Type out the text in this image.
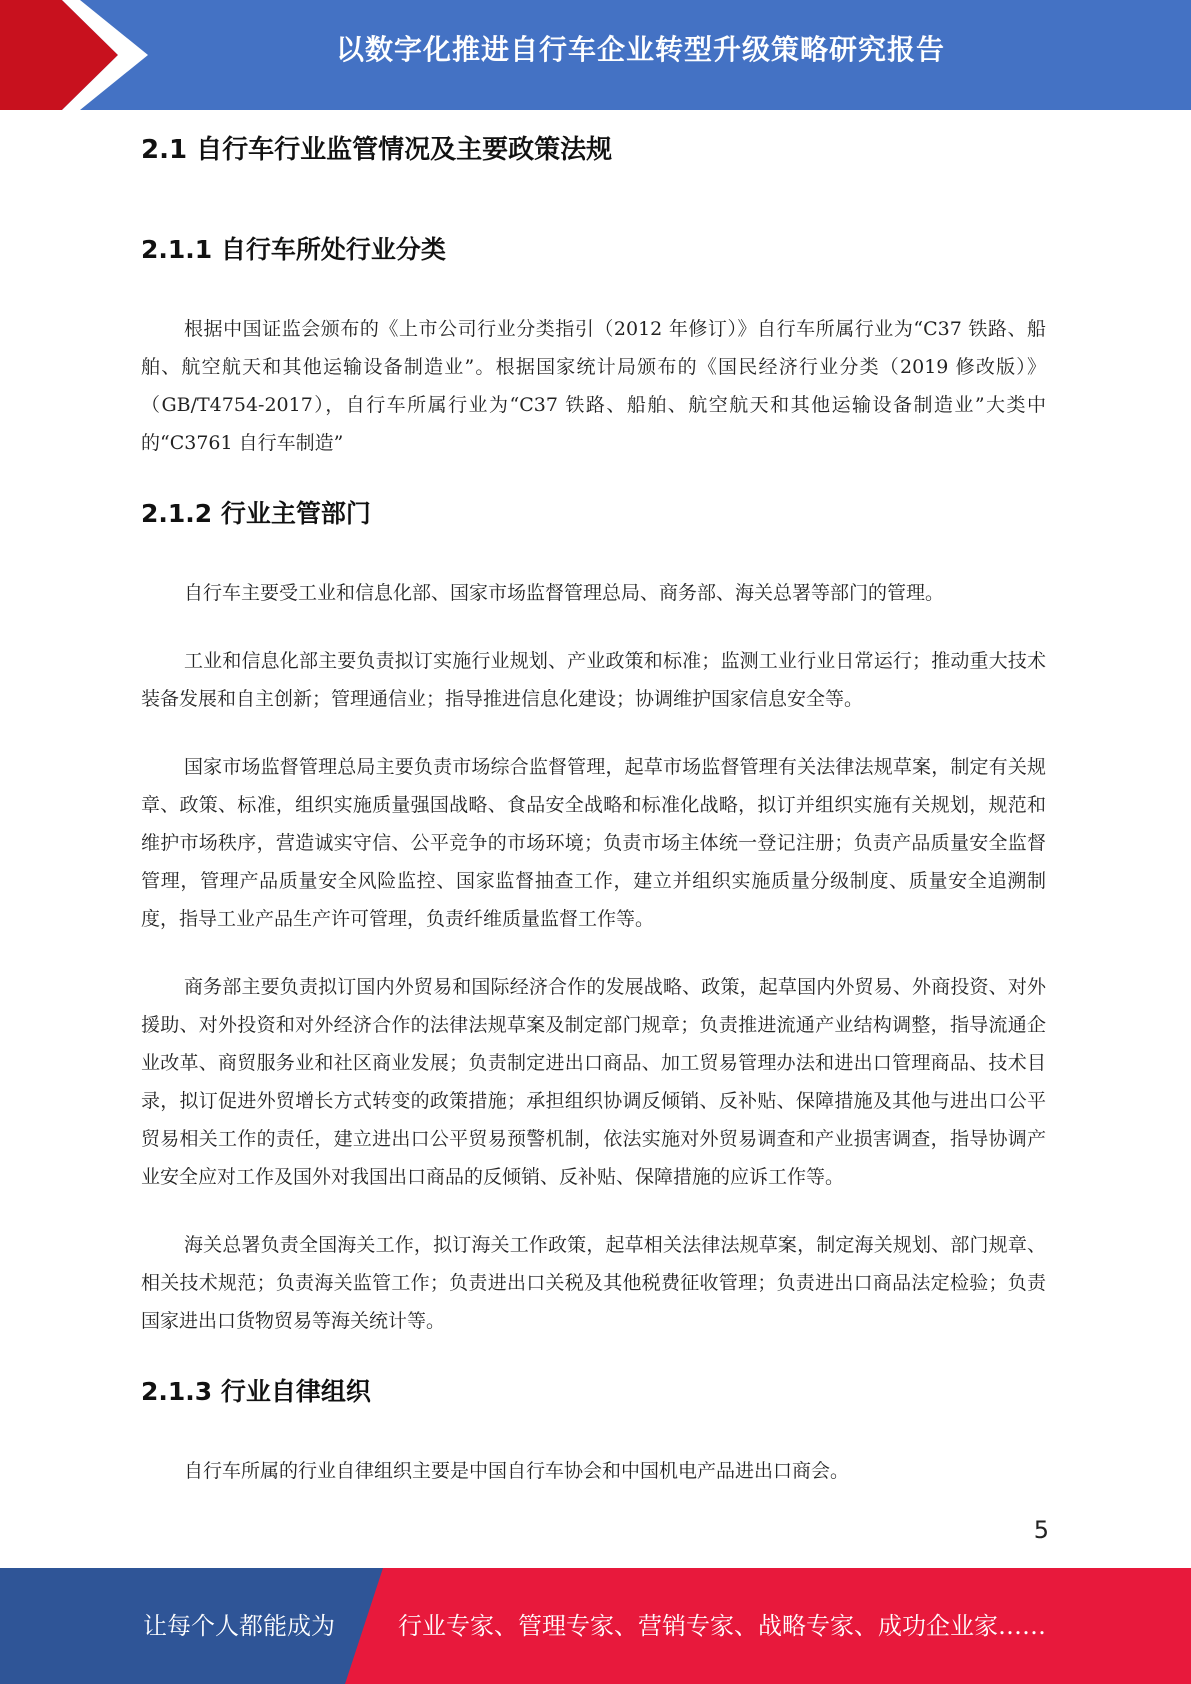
以数字化推进自行车企业转型升级策略研究报告
2.1 自行车行业监管情况及主要政策法规
2.1.1 自行车所处行业分类

根据中国证监会颁布的《上市公司行业分类指引（2012 年修订）》自行车所属行业为“C37 铁路、船舶、航空航天和其他运输设备制造业”。根据国家统计局颁布的《国民经济行业分类（2019 修改版）》（GB/T4754-2017），自行车所属行业为“C37 铁路、船舶、航空航天和其他运输设备制造业”大类中的“C3761 自行车制造”

2.1.2 行业主管部门

自行车主要受工业和信息化部、国家市场监督管理总局、商务部、海关总署等部门的管理。

工业和信息化部主要负责拟订实施行业规划、产业政策和标准；监测工业行业日常运行；推动重大技术装备发展和自主创新；管理通信业；指导推进信息化建设；协调维护国家信息安全等。

国家市场监督管理总局主要负责市场综合监督管理，起草市场监督管理有关法律法规草案，制定有关规章、政策、标准，组织实施质量强国战略、食品安全战略和标准化战略，拟订并组织实施有关规划，规范和维护市场秩序，营造诚实守信、公平竞争的市场环境；负责市场主体统一登记注册；负责产品质量安全监督管理，管理产品质量安全风险监控、国家监督抽查工作，建立并组织实施质量分级制度、质量安全追溯制度，指导工业产品生产许可管理，负责纤维质量监督工作等。

商务部主要负责拟订国内外贸易和国际经济合作的发展战略、政策，起草国内外贸易、外商投资、对外援助、对外投资和对外经济合作的法律法规草案及制定部门规章；负责推进流通产业结构调整，指导流通企业改革、商贸服务业和社区商业发展；负责制定进出口商品、加工贸易管理办法和进出口管理商品、技术目录，拟订促进外贸增长方式转变的政策措施；承担组织协调反倾销、反补贴、保障措施及其他与进出口公平贸易相关工作的责任，建立进出口公平贸易预警机制，依法实施对外贸易调查和产业损害调查，指导协调产业安全应对工作及国外对我国出口商品的反倾销、反补贴、保障措施的应诉工作等。

海关总署负责全国海关工作，拟订海关工作政策，起草相关法律法规草案，制定海关规划、部门规章、相关技术规范；负责海关监管工作；负责进出口关税及其他税费征收管理；负责进出口商品法定检验；负责国家进出口货物贸易等海关统计等。

2.1.3 行业自律组织

自行车所属的行业自律组织主要是中国自行车协会和中国机电产品进出口商会。

5
让每个人都能成为	行业专家、管理专家、营销专家、战略专家、成功企业家……
